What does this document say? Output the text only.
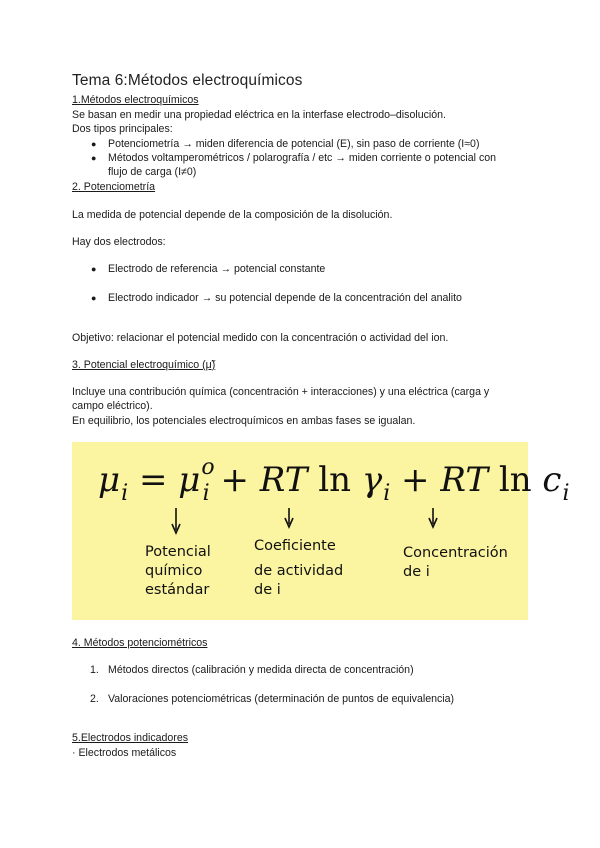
Tema 6:Métodos electroquímicos
1.Métodos electroquímicos
Se basan en medir una propiedad eléctrica en la interfase electrodo–disolución.
Dos tipos principales:
● Potenciometría → miden diferencia de potencial (E), sin paso de corriente (I≈0)
● Métodos voltamperométricos / polarografía / etc → miden corriente o potencial con
flujo de carga (I≠0)
2. Potenciometría
La medida de potencial depende de la composición de la disolución.
Hay dos electrodos:
● Electrodo de referencia → potencial constante
● Electrodo indicador → su potencial depende de la concentración del analito
Objetivo: relacionar el potencial medido con la concentración o actividad del ion.
3. Potencial electroquímico (μ̃)
Incluye una contribución química (concentración + interacciones) y una eléctrica (carga y
campo eléctrico).
En equilibrio, los potenciales electroquímicos en ambas fases se igualan.
$\mu_i = \mu^o_i$ + RT $\ln \gamma_i$ + RT $\ln c_i$
Potencial
químico
estándar
Coeficiente
de actividad
de i
Concentración
de i
4. Métodos potenciométricos
1. Métodos directos (calibración y medida directa de concentración)
2. Valoraciones potenciométricas (determinación de puntos de equivalencia)
5.Electrodos indicadores
· Electrodos metálicos
